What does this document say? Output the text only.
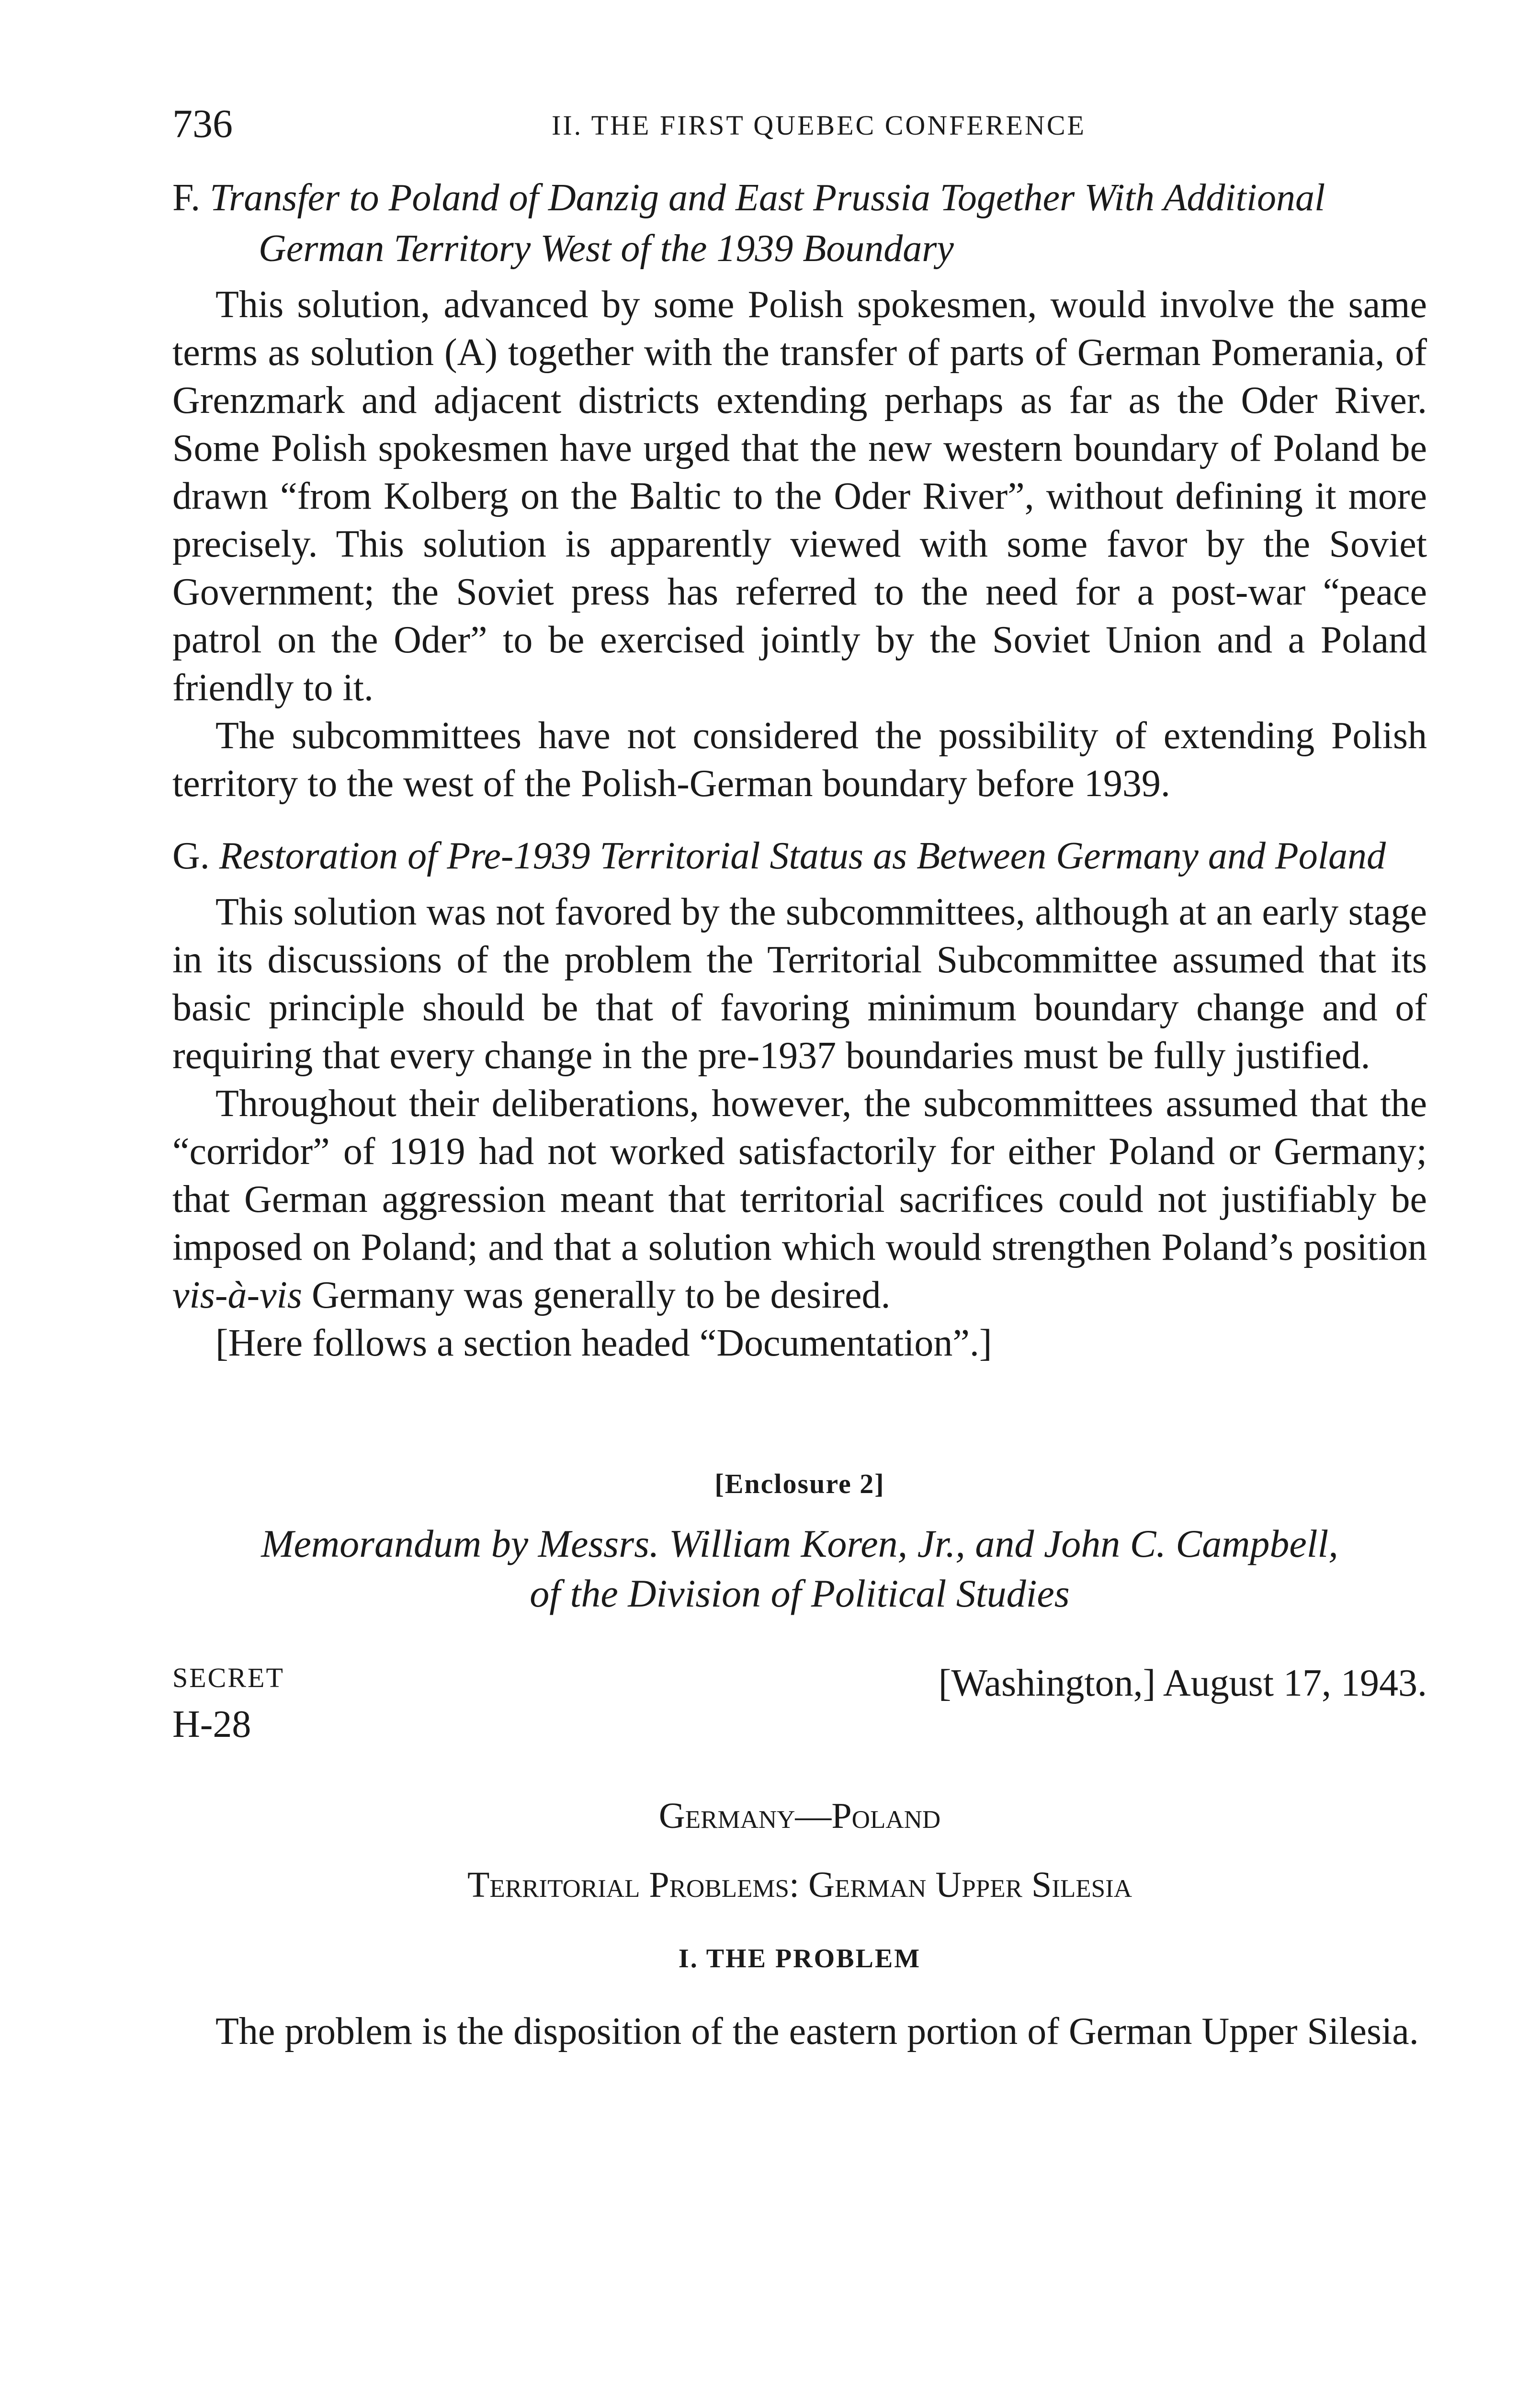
736	II. THE FIRST QUEBEC CONFERENCE

F. Transfer to Poland of Danzig and East Prussia Together With Additional German Territory West of the 1939 Boundary

This solution, advanced by some Polish spokesmen, would involve the same terms as solution (A) together with the transfer of parts of German Pomerania, of Grenzmark and adjacent districts extending perhaps as far as the Oder River. Some Polish spokesmen have urged that the new western boundary of Poland be drawn “from Kolberg on the Baltic to the Oder River”, without defining it more precisely. This solution is apparently viewed with some favor by the Soviet Government; the Soviet press has referred to the need for a post-war “peace patrol on the Oder” to be exercised jointly by the Soviet Union and a Poland friendly to it.

The subcommittees have not considered the possibility of extending Polish territory to the west of the Polish-German boundary before 1939.

G. Restoration of Pre-1939 Territorial Status as Between Germany and Poland

This solution was not favored by the subcommittees, although at an early stage in its discussions of the problem the Territorial Subcommittee assumed that its basic principle should be that of favoring minimum boundary change and of requiring that every change in the pre-1937 boundaries must be fully justified.

Throughout their deliberations, however, the subcommittees assumed that the “corridor” of 1919 had not worked satisfactorily for either Poland or Germany; that German aggression meant that territorial sacrifices could not justifiably be imposed on Poland; and that a solution which would strengthen Poland’s position vis-à-vis Germany was generally to be desired.

[Here follows a section headed “Documentation”.]

[Enclosure 2]

Memorandum by Messrs. William Koren, Jr., and John C. Campbell,

of the Division of Political Studies

SECRET
H-28
[Washington,] August 17, 1943.

Germany—Poland

Territorial Problems: German Upper Silesia

I. THE PROBLEM

The problem is the disposition of the eastern portion of German Upper Silesia.
